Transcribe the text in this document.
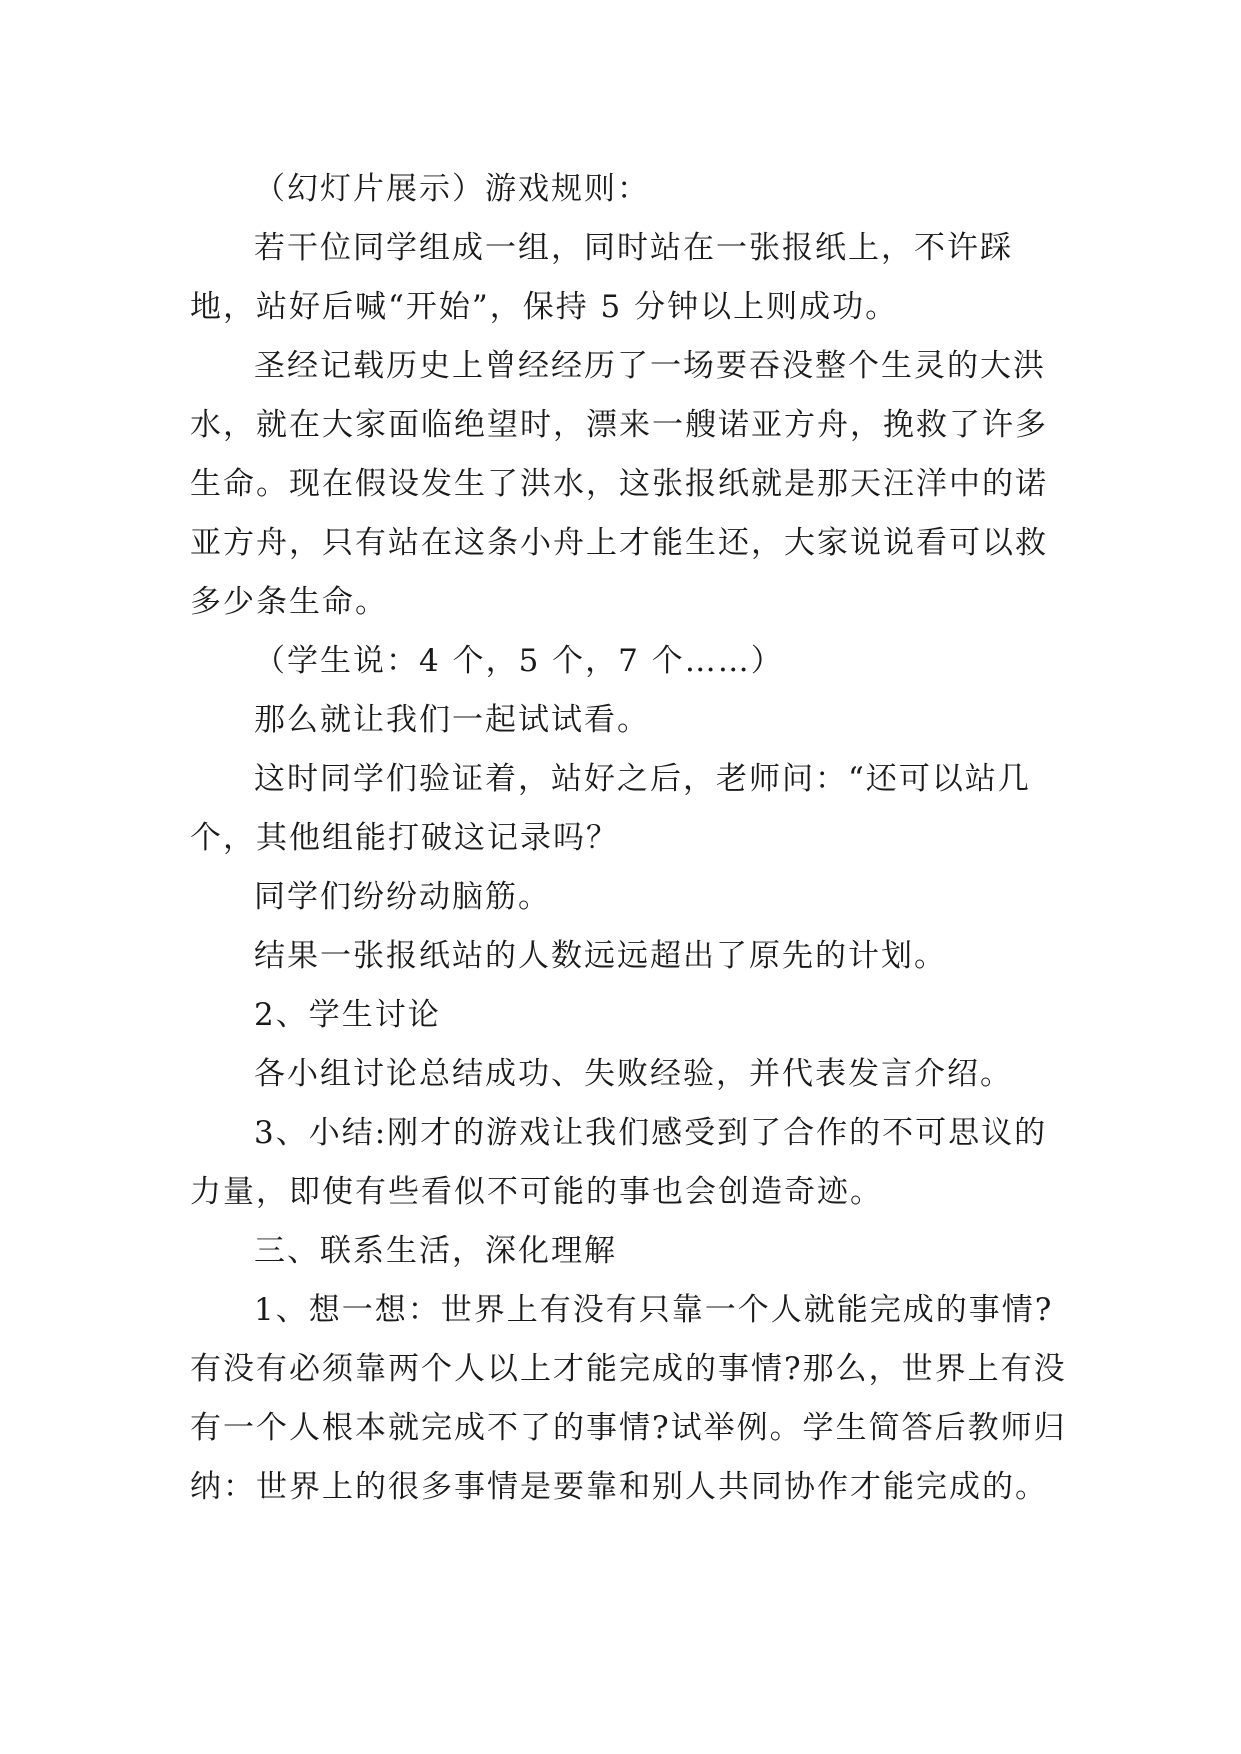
（幻灯片展示）游戏规则：

若干位同学组成一组，同时站在一张报纸上，不许踩地，站好后喊“开始”，保持 5 分钟以上则成功。

圣经记载历史上曾经经历了一场要吞没整个生灵的大洪水，就在大家面临绝望时，漂来一艘诺亚方舟，挽救了许多生命。现在假设发生了洪水，这张报纸就是那天汪洋中的诺亚方舟，只有站在这条小舟上才能生还，大家说说看可以救多少条生命。

（学生说：4 个，5 个，7 个……）

那么就让我们一起试试看。

这时同学们验证着，站好之后，老师问：“还可以站几个，其他组能打破这记录吗？

同学们纷纷动脑筋。

结果一张报纸站的人数远远超出了原先的计划。

2、学生讨论

各小组讨论总结成功、失败经验，并代表发言介绍。

3、小结:刚才的游戏让我们感受到了合作的不可思议的力量，即使有些看似不可能的事也会创造奇迹。

三、联系生活，深化理解

1、想一想：世界上有没有只靠一个人就能完成的事情?有没有必须靠两个人以上才能完成的事情?那么，世界上有没有一个人根本就完成不了的事情?试举例。学生简答后教师归纳：世界上的很多事情是要靠和别人共同协作才能完成的。
